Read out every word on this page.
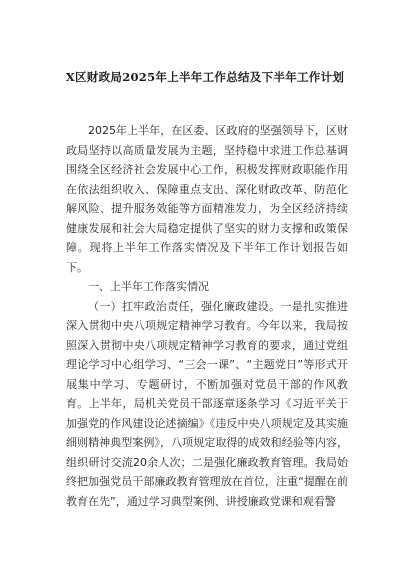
X区财政局2025年上半年工作总结及下半年工作计划

2025年上半年，在区委、区政府的坚强领导下，区财政局坚持以高质量发展为主题，坚持稳中求进工作总基调围绕全区经济社会发展中心工作，积极发挥财政职能作用在依法组织收入、保障重点支出、深化财政改革、防范化解风险、提升服务效能等方面精准发力，为全区经济持续健康发展和社会大局稳定提供了坚实的财力支撑和政策保障。现将上半年工作落实情况及下半年工作计划报告如下。

一、上半年工作落实情况

（一）扛牢政治责任，强化廉政建设。一是扎实推进深入贯彻中央八项规定精神学习教育。今年以来，我局按照深入贯彻中央八项规定精神学习教育的要求，通过党组理论学习中心组学习、“三会一课”、“主题党日”等形式开展集中学习、专题研讨，不断加强对党员干部的作风教育。上半年，局机关党员干部逐章逐条学习《习近平关于加强党的作风建设论述摘编》《违反中央八项规定及其实施细则精神典型案例》，八项规定取得的成效和经验等内容，组织研讨交流20余人次；二是强化廉政教育管理。我局始终把加强党员干部廉政教育管理放在首位，注重“提醒在前教育在先”，通过学习典型案例、讲授廉政党课和观看警
